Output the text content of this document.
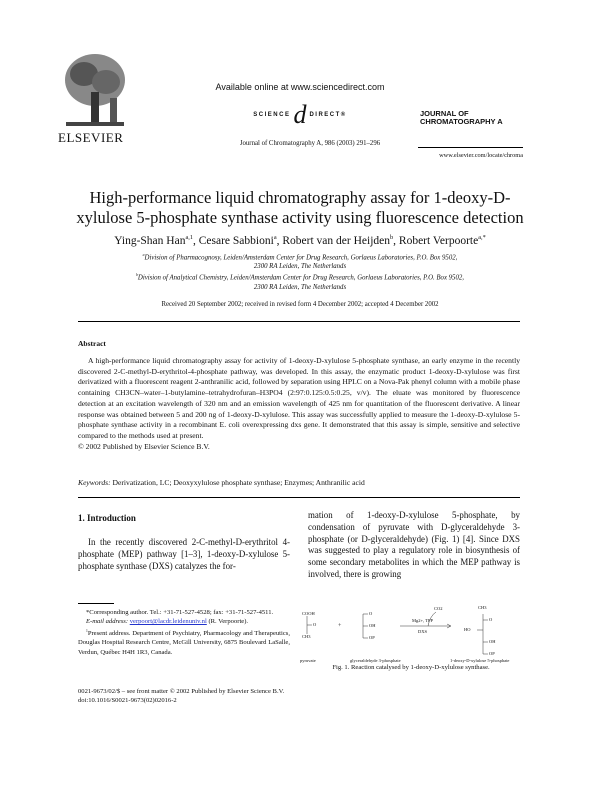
ELSEVIER
Available online at www.sciencedirect.com
SCIENCE d DIRECT®
Journal of Chromatography A, 986 (2003) 291–296
JOURNAL OF
CHROMATOGRAPHY A
www.elsevier.com/locate/chroma
High-performance liquid chromatography assay for 1-deoxy-D-
xylulose 5-phosphate synthase activity using fluorescence detection
Ying-Shan Han$^{a,1}$, Cesare Sabbioni$^a$, Robert van der Heijden$^b$, Robert Verpoorte$^{a,*}$
$^a$Division of Pharmacognosy, Leiden/Amsterdam Center for Drug Research, Gorlaeus Laboratories, P.O. Box 9502,
2300 RA Leiden, The Netherlands
$^b$Division of Analytical Chemistry, Leiden/Amsterdam Center for Drug Research, Gorlaeus Laboratories, P.O. Box 9502,
2300 RA Leiden, The Netherlands
Received 20 September 2002; received in revised form 4 December 2002; accepted 4 December 2002
Abstract

A high-performance liquid chromatography assay for activity of 1-deoxy-D-xylulose 5-phosphate synthase, an early enzyme in the recently discovered 2-C-methyl-D-erythritol-4-phosphate pathway, was developed. In this assay, the enzymatic product 1-deoxy-D-xylulose was first derivatized with a fluorescent reagent 2-anthranilic acid, followed by separation using HPLC on a Nova-Pak phenyl column with a mobile phase containing CH3CN–water–1-butylamine–tetrahydrofuran–H3PO4 (2:97:0.125:0.5:0.25, v/v). The eluate was monitored by fluorescence detection at an excitation wavelength of 320 nm and an emission wavelength of 425 nm for quantitation of the fluorescent derivative. A linear response was obtained between 5 and 200 ng of 1-deoxy-D-xylulose. This assay was successfully applied to measure the 1-deoxy-D-xylulose 5-phosphate synthase activity in a recombinant E. coli overexpressing dxs gene. It demonstrated that this assay is simple, sensitive and selective compared to the methods used at present.

© 2002 Published by Elsevier Science B.V.
Keywords: Derivatization, LC; Deoxyxylulose phosphate synthase; Enzymes; Anthranilic acid
1. Introduction
In the recently discovered 2-C-methyl-D-erythritol 4-phosphate (MEP) pathway [1–3], 1-deoxy-D-xylulose 5-phosphate synthase (DXS) catalyzes the for-
mation of 1-deoxy-D-xylulose 5-phosphate, by condensation of pyruvate with D-glyceraldehyde 3-phosphate (or D-glyceraldehyde) (Fig. 1) [4]. Since DXS was suggested to play a regulatory role in biosynthesis of some secondary metabolites in which the MEP pathway is involved, there is growing

*Corresponding author. Tel.: +31-71-527-4528; fax: +31-71-527-4511.

E-mail address: verpoort@lacdr.leidenuniv.nl (R. Verpoorte).

$^1$Present address. Department of Psychiatry, Pharmacology and Therapeutics, Douglas Hospital Research Centre, McGill University, 6875 Boulevard LaSalle, Verdun, Québec H4H 1R3, Canada.

COOH
O
CH3
+
O
OH
OP
Mg2+, TPP
DXS
CO2	CH3
O
HO
OH
OP
pyruvate	glyceraldehyde 3-phosphate	1-deoxy-D-xylulose 5-phosphate
Fig. 1. Reaction catalysed by 1-deoxy-D-xylulose synthase.
0021-9673/02/$ – see front matter © 2002 Published by Elsevier Science B.V.
doi:10.1016/S0021-9673(02)02016-2
